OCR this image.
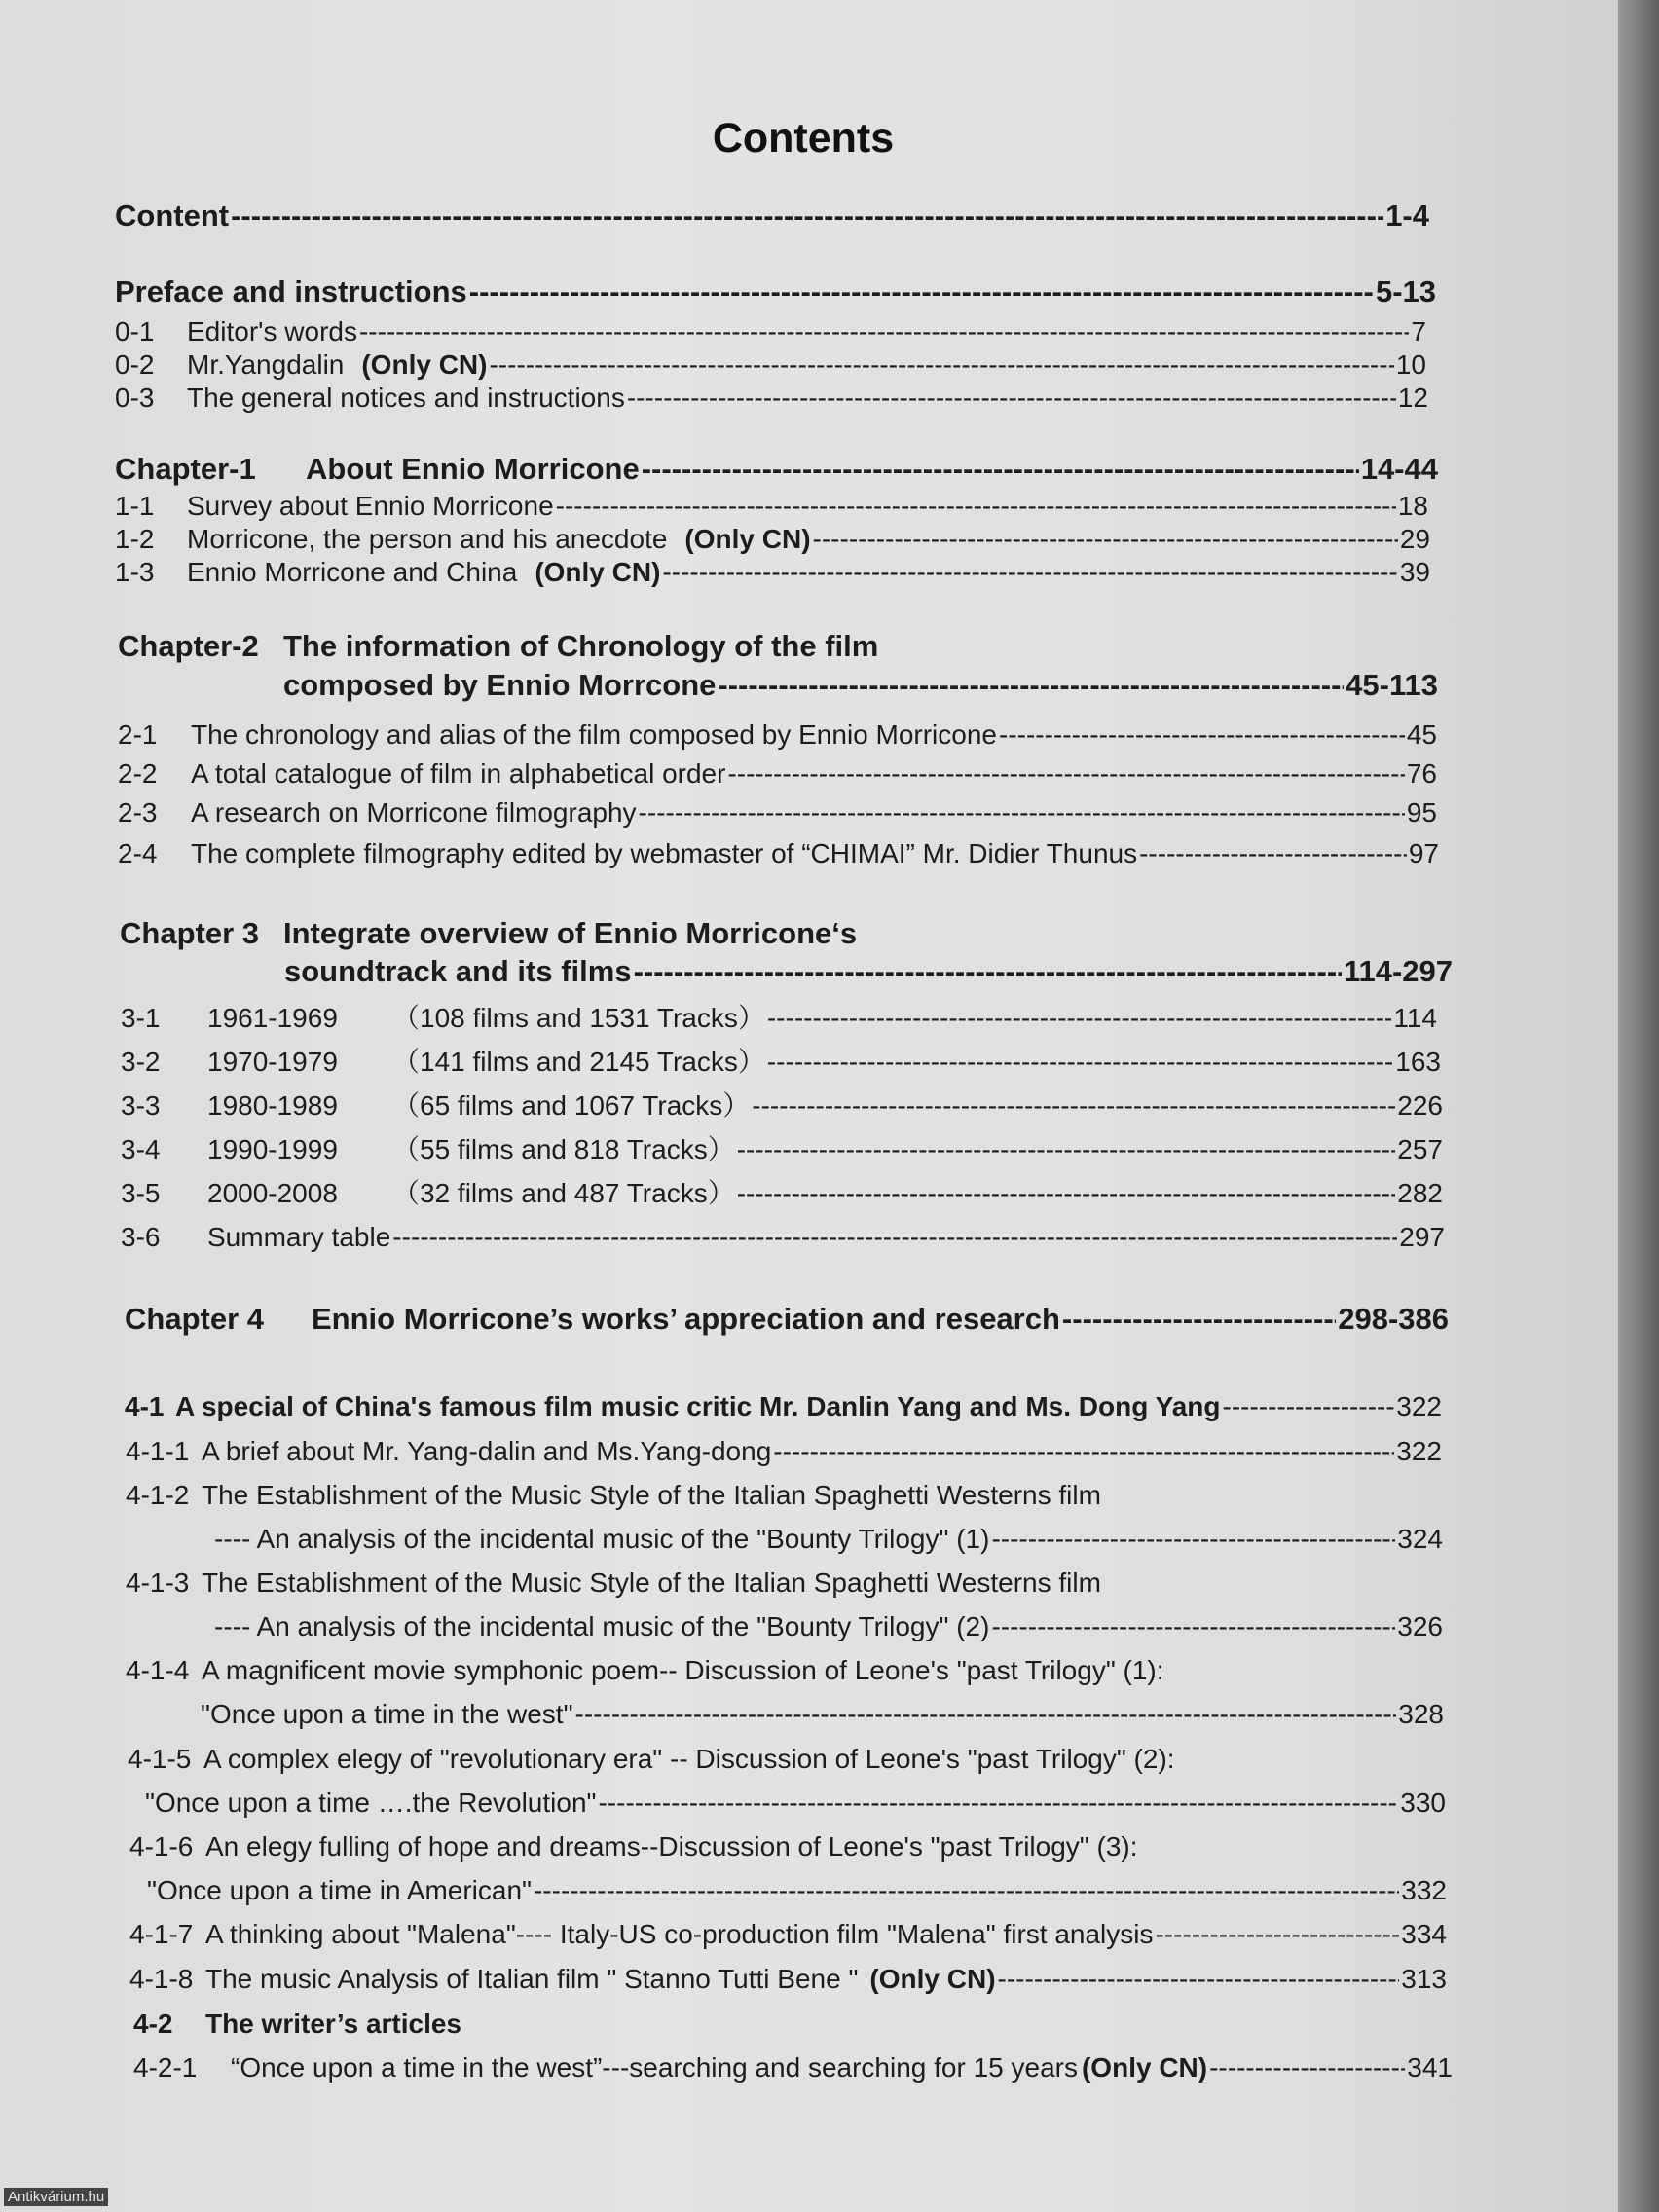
Contents
Content -----	1-4
Preface and instructions -----	5-13
0-1	Editor's words -----	7
0-2	Mr.Yangdalin (Only CN) -----	10
0-3	The general notices and instructions -----	12
Chapter-1	About Ennio Morricone -----	14-44
1-1	Survey about Ennio Morricone -----	18
1-2	Morricone, the person and his anecdote (Only CN) -----	29
1-3	Ennio Morricone and China (Only CN) -----	39
Chapter-2 The information of Chronology of the film
composed by Ennio Morrcone -----	45-113
2-1	The chronology and alias of the film composed by Ennio Morricone -----	45
2-2	A total catalogue of film in alphabetical order -----	76
2-3	A research on Morricone filmography -----	95
2-4	The complete filmography edited by webmaster of “CHIMAI” Mr. Didier Thunus -----	97
Chapter 3 Integrate overview of Ennio Morricone‘s
soundtrack and its films -----	114-297
3-1	1961-1969	（108 films and 1531 Tracks） -----	114
3-2	1970-1979	（141 films and 2145 Tracks） -----	163
3-3	1980-1989	（65 films and 1067 Tracks） -----	226
3-4	1990-1999	（55 films and 818 Tracks） -----	257
3-5	2000-2008	（32 films and 487 Tracks） -----	282
3-6	Summary table -----	297
Chapter 4	Ennio Morricone’s works’ appreciation and research -----	298-386
4-1 A special of China's famous film music critic Mr. Danlin Yang and Ms. Dong Yang -----	322
4-1-1 A brief about Mr. Yang-dalin and Ms.Yang-dong -----	322
4-1-2 The Establishment of the Music Style of the Italian Spaghetti Westerns film
---- An analysis of the incidental music of the "Bounty Trilogy" (1) -----	324
4-1-3 The Establishment of the Music Style of the Italian Spaghetti Westerns film
---- An analysis of the incidental music of the "Bounty Trilogy" (2) -----	326
4-1-4 A magnificent movie symphonic poem-- Discussion of Leone's "past Trilogy" (1):
"Once upon a time in the west" -----	328
4-1-5 A complex elegy of "revolutionary era" -- Discussion of Leone's "past Trilogy" (2):
"Once upon a time ….the Revolution" -----	330
4-1-6 An elegy fulling of hope and dreams--Discussion of Leone's "past Trilogy" (3):
"Once upon a time in American" -----	332
4-1-7 A thinking about "Malena"---- Italy-US co-production film "Malena" first analysis -----	334
4-1-8 The music Analysis of Italian film " Stanno Tutti Bene " (Only CN) -----	313
4-2	The writer’s articles
4-2-1	“Once upon a time in the west”---searching and searching for 15 years (Only CN) -----	341
Antikvárium.hu
